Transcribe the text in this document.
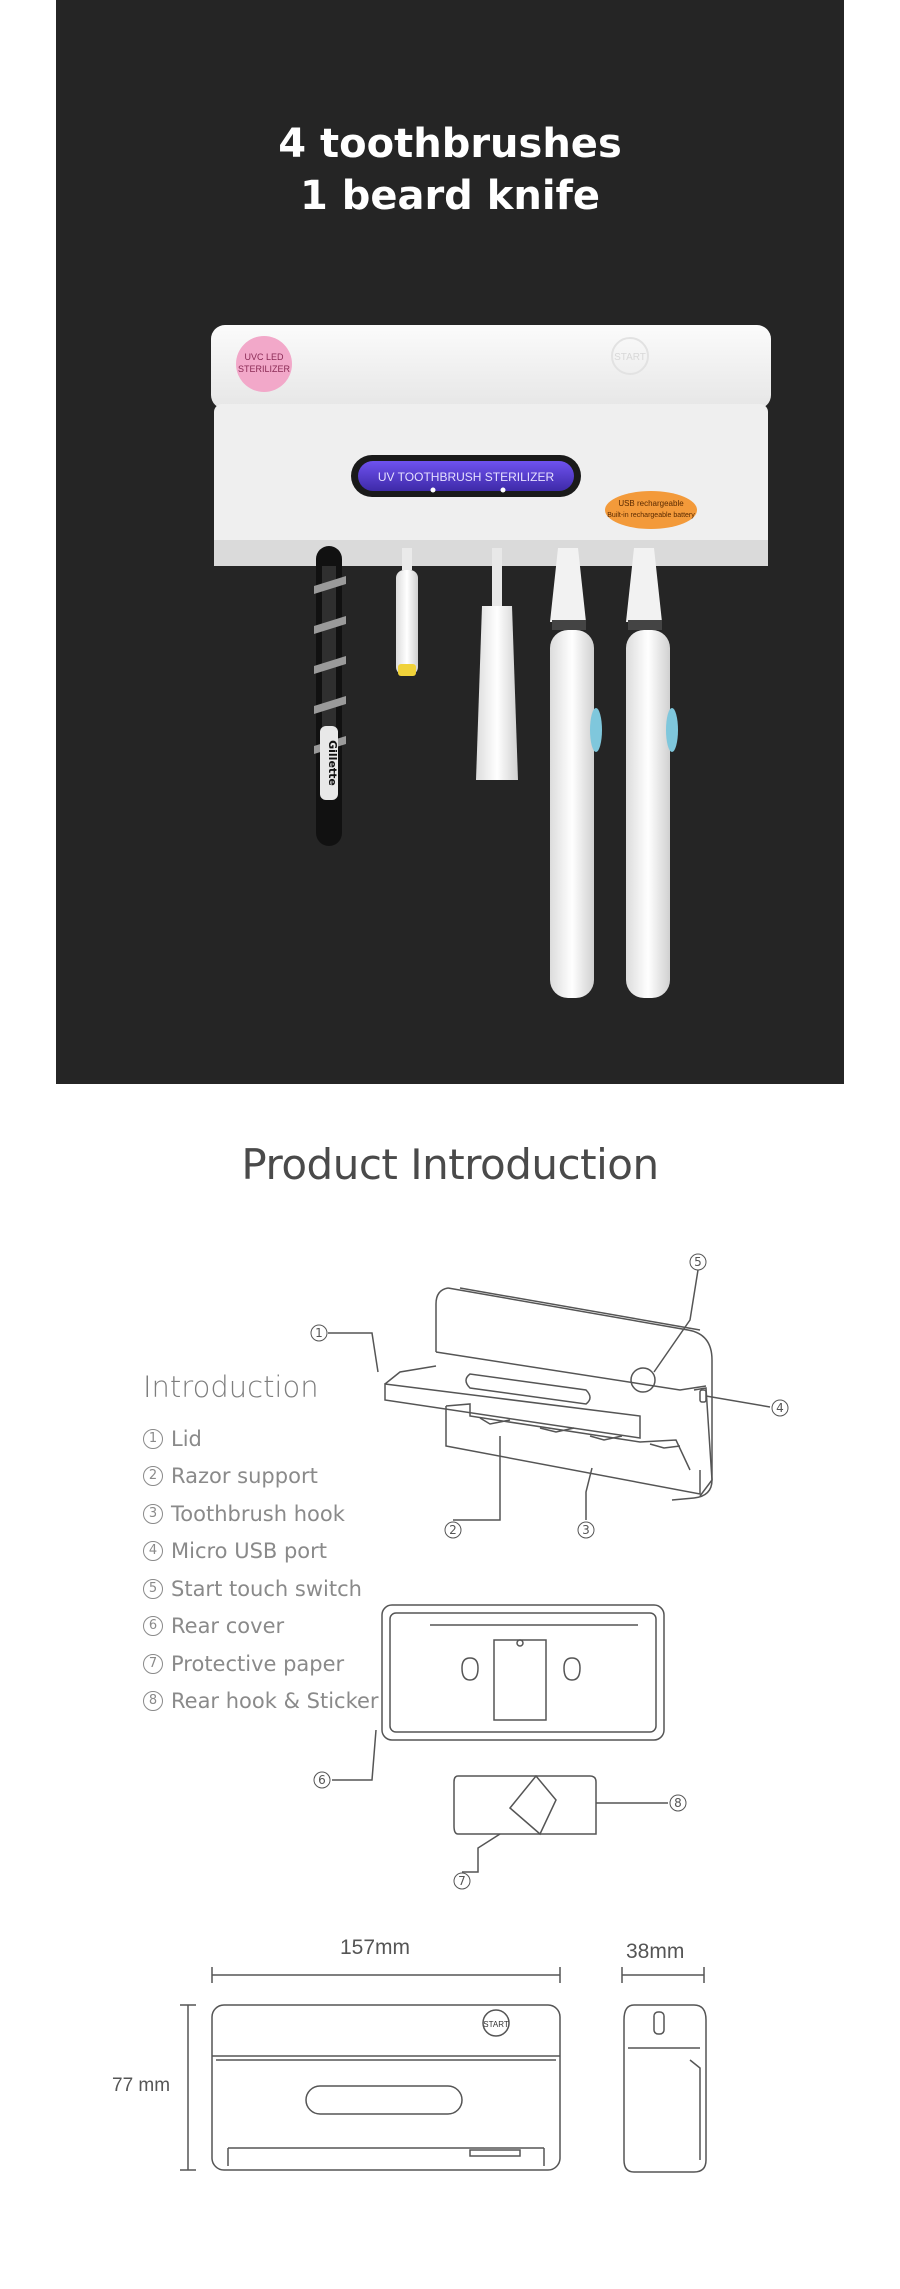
4 toothbrushes
1 beard knife
UVC LED
STERILIZER
START
UV TOOTHBRUSH STERILIZER
USB rechargeable
Built-in rechargeable battery
Gillette
Product Introduction
Introduction
1 Lid
2 Razor support
3 Toothbrush hook
4 Micro USB port
5 Start touch switch
6 Rear cover
7 Protective paper
8 Rear hook & Sticker
1
2	3
4
5
6
7
8
START
157mm	38mm
77 mm
